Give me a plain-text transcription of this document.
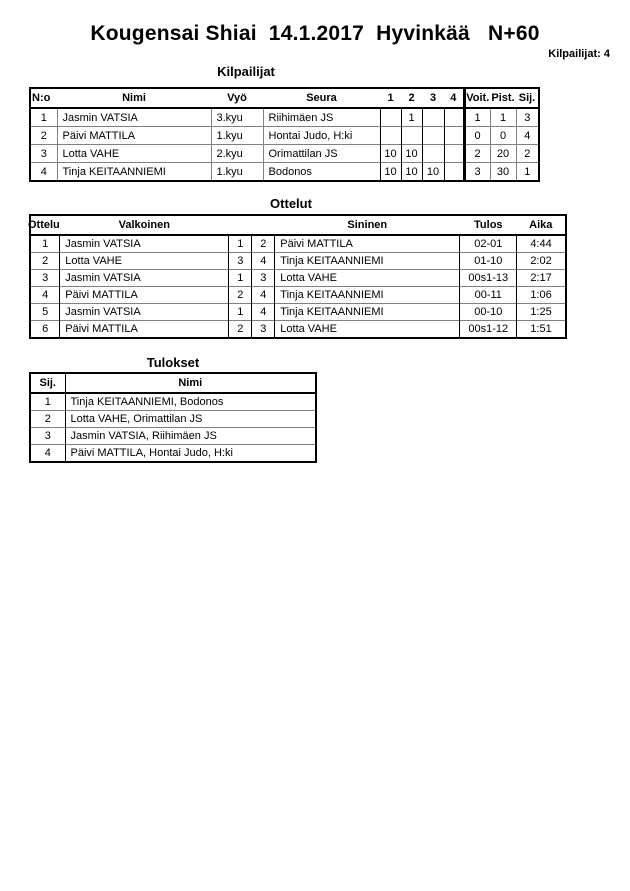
Kougensai Shiai  14.1.2017  Hyvinkää   N+60
Kilpailijat: 4
Kilpailijat
N:o	Nimi	Vyö	Seura	1	2	3	4	Voit.	Pist.	Sij.
1	Jasmin VATSIA	3.kyu	Riihimäen JS		1			1	1	3
2	Päivi MATTILA	1.kyu	Hontai Judo, H:ki					0	0	4
3	Lotta VAHE	2.kyu	Orimattilan JS	10	10			2	20	2
4	Tinja KEITAANNIEMI	1.kyu	Bodonos	10	10	10		3	30	1
Ottelut
Ottelu	Valkoinen			Sininen	Tulos	Aika
1	Jasmin VATSIA	1	2	Päivi MATTILA	02-01	4:44
2	Lotta VAHE	3	4	Tinja KEITAANNIEMI	01-10	2:02
3	Jasmin VATSIA	1	3	Lotta VAHE	00s1-13	2:17
4	Päivi MATTILA	2	4	Tinja KEITAANNIEMI	00-11	1:06
5	Jasmin VATSIA	1	4	Tinja KEITAANNIEMI	00-10	1:25
6	Päivi MATTILA	2	3	Lotta VAHE	00s1-12	1:51
Tulokset
Sij.	Nimi
1	Tinja KEITAANNIEMI, Bodonos
2	Lotta VAHE, Orimattilan JS
3	Jasmin VATSIA, Riihimäen JS
4	Päivi MATTILA, Hontai Judo, H:ki
